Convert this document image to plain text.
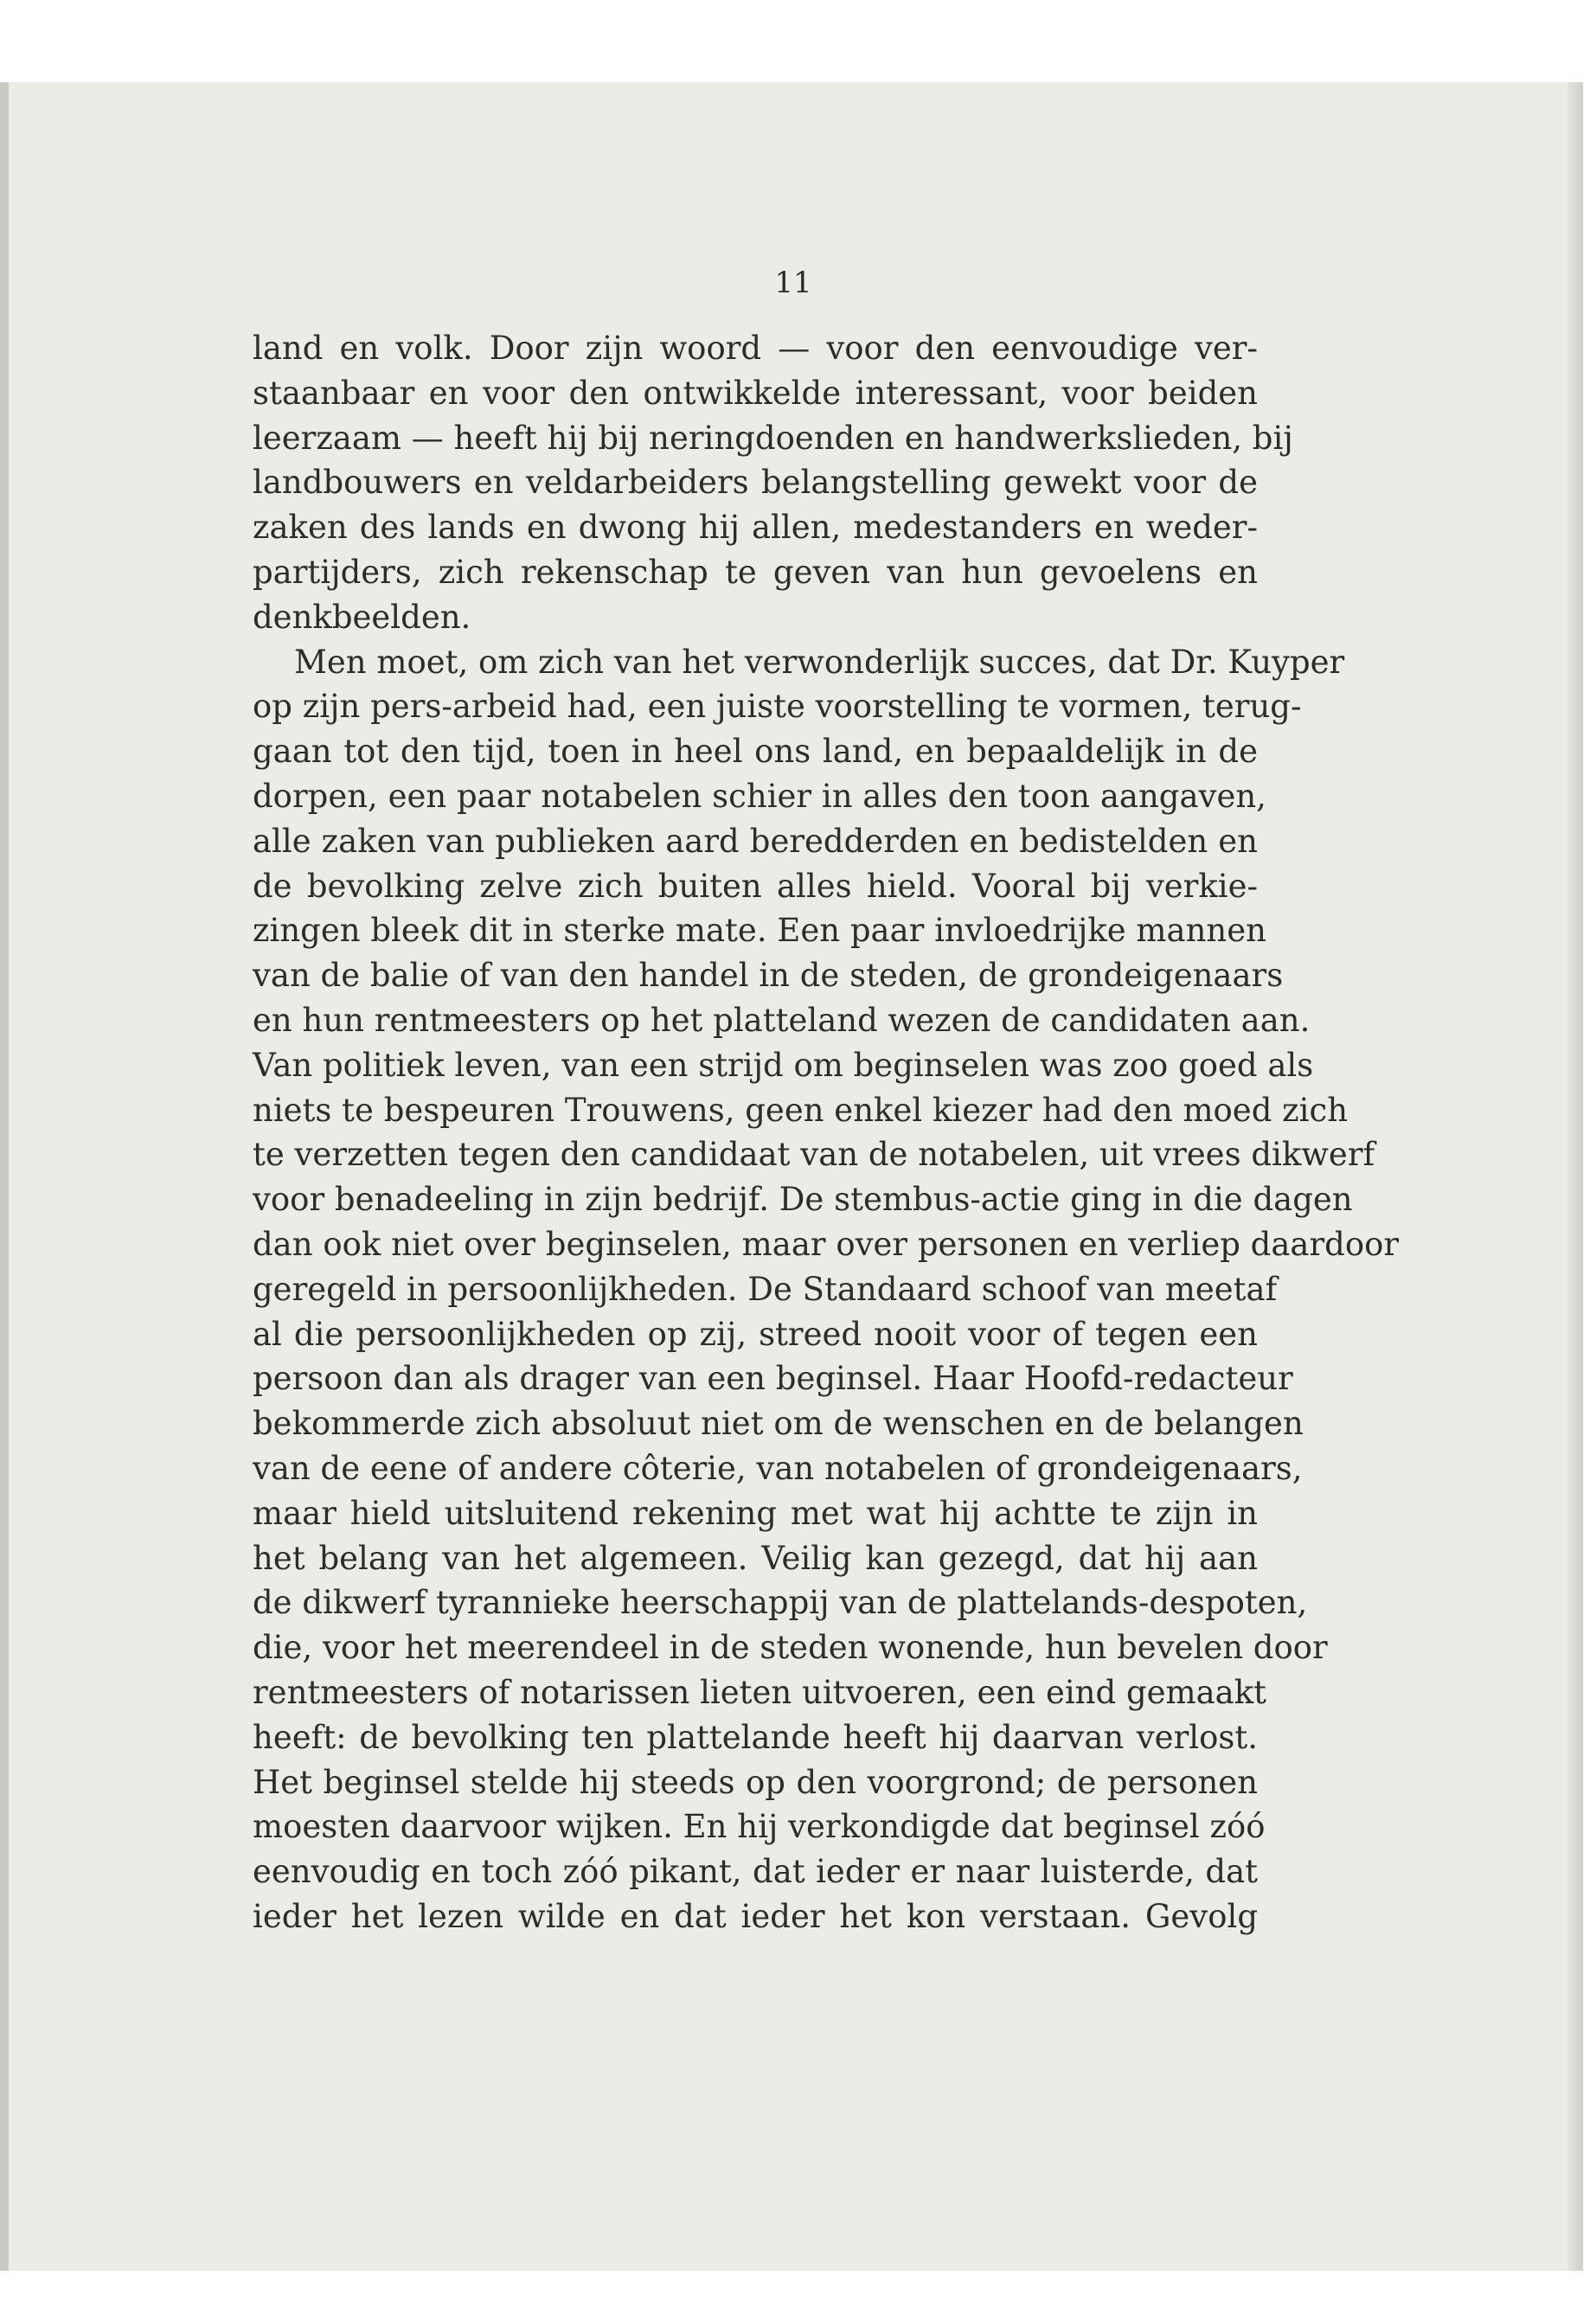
11
land en volk. Door zijn woord — voor den eenvoudige ver-
staanbaar en voor den ontwikkelde interessant, voor beiden
leerzaam — heeft hij bij neringdoenden en handwerkslieden, bij
landbouwers en veldarbeiders belangstelling gewekt voor de
zaken des lands en dwong hij allen, medestanders en weder-
partijders, zich rekenschap te geven van hun gevoelens en
denkbeelden.
Men moet, om zich van het verwonderlijk succes, dat Dr. Kuyper
op zijn pers-arbeid had, een juiste voorstelling te vormen, terug-
gaan tot den tijd, toen in heel ons land, en bepaaldelijk in de
dorpen, een paar notabelen schier in alles den toon aangaven,
alle zaken van publieken aard beredderden en bedistelden en
de bevolking zelve zich buiten alles hield. Vooral bij verkie-
zingen bleek dit in sterke mate. Een paar invloedrijke mannen
van de balie of van den handel in de steden, de grondeigenaars
en hun rentmeesters op het platteland wezen de candidaten aan.
Van politiek leven, van een strijd om beginselen was zoo goed als
niets te bespeuren Trouwens, geen enkel kiezer had den moed zich
te verzetten tegen den candidaat van de notabelen, uit vrees dikwerf
voor benadeeling in zijn bedrijf. De stembus-actie ging in die dagen
dan ook niet over beginselen, maar over personen en verliep daardoor
geregeld in persoonlijkheden. De Standaard schoof van meetaf
al die persoonlijkheden op zij, streed nooit voor of tegen een
persoon dan als drager van een beginsel. Haar Hoofd-redacteur
bekommerde zich absoluut niet om de wenschen en de belangen
van de eene of andere côterie, van notabelen of grondeigenaars,
maar hield uitsluitend rekening met wat hij achtte te zijn in
het belang van het algemeen. Veilig kan gezegd, dat hij aan
de dikwerf tyrannieke heerschappij van de plattelands-despoten,
die, voor het meerendeel in de steden wonende, hun bevelen door
rentmeesters of notarissen lieten uitvoeren, een eind gemaakt
heeft: de bevolking ten plattelande heeft hij daarvan verlost.
Het beginsel stelde hij steeds op den voorgrond; de personen
moesten daarvoor wijken. En hij verkondigde dat beginsel zóó
eenvoudig en toch zóó pikant, dat ieder er naar luisterde, dat
ieder het lezen wilde en dat ieder het kon verstaan. Gevolg
